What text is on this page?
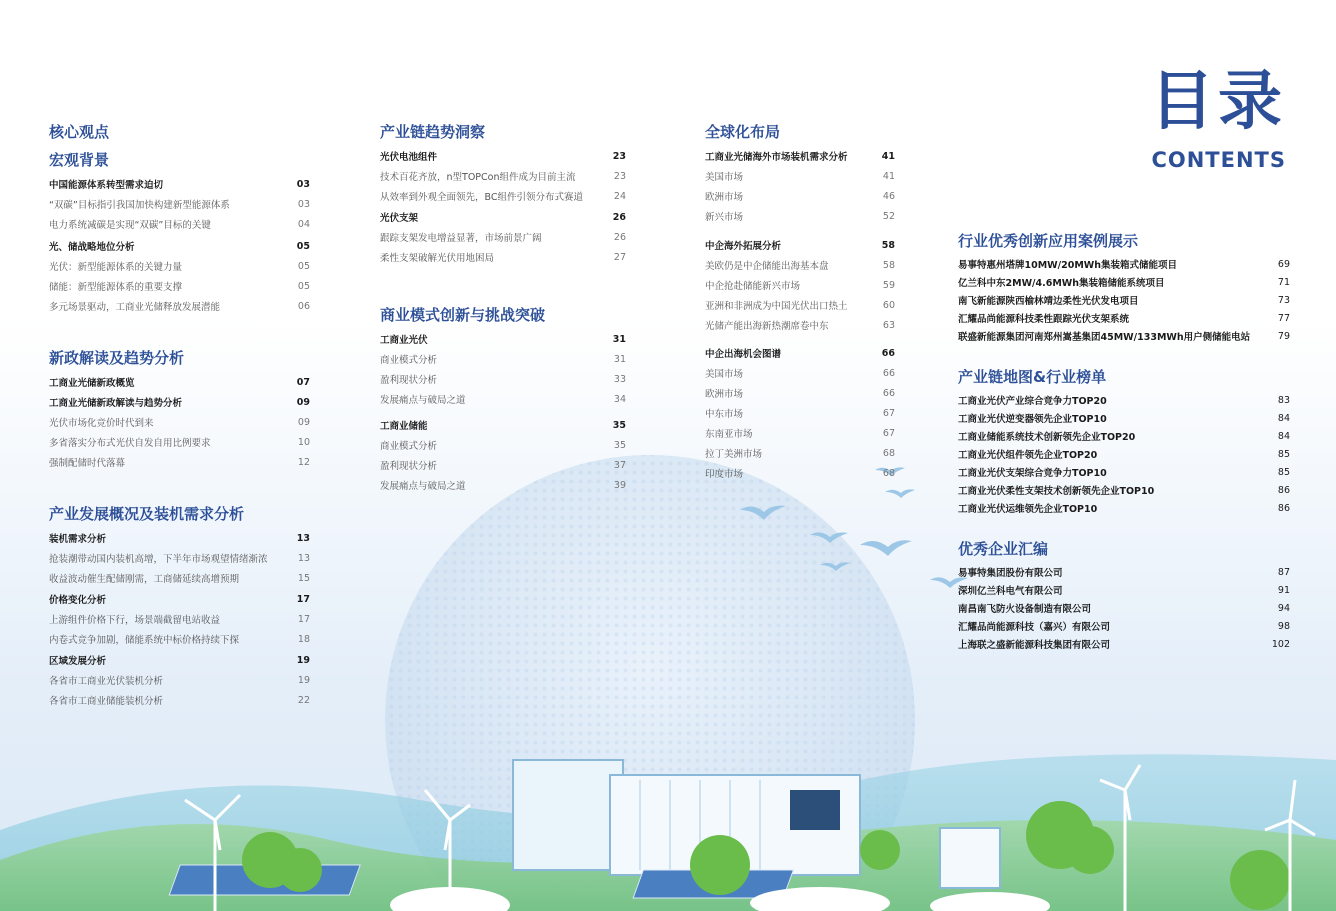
目录
CONTENTS
核心观点
宏观背景
中国能源体系转型需求迫切	03
“双碳”目标指引我国加快构建新型能源体系	03
电力系统减碳是实现“双碳”目标的关键	04
光、储战略地位分析	05
光伏：新型能源体系的关键力量	05
储能：新型能源体系的重要支撑	05
多元场景驱动，工商业光储释放发展潜能	06
新政解读及趋势分析
工商业光储新政概览	07
工商业光储新政解读与趋势分析	09
光伏市场化竞价时代到来	09
多省落实分布式光伏自发自用比例要求	10
强制配储时代落幕	12
产业发展概况及装机需求分析
装机需求分析	13
抢装潮带动国内装机高增，下半年市场观望情绪渐浓	13
收益波动催生配储刚需，工商储延续高增预期	15
价格变化分析	17
上游组件价格下行，场景端截留电站收益	17
内卷式竞争加剧，储能系统中标价格持续下探	18
区域发展分析	19
各省市工商业光伏装机分析	19
各省市工商业储能装机分析	22
产业链趋势洞察
光伏电池组件	23
技术百花齐放，n型TOPCon组件成为目前主流	23
从效率到外观全面领先，BC组件引领分布式赛道	24
光伏支架	26
跟踪支架发电增益显著，市场前景广阔	26
柔性支架破解光伏用地困局	27
商业模式创新与挑战突破
工商业光伏	31
商业模式分析	31
盈利现状分析	33
发展痛点与破局之道	34
工商业储能	35
商业模式分析	35
盈利现状分析	37
发展痛点与破局之道	39
全球化布局
工商业光储海外市场装机需求分析	41
美国市场	41
欧洲市场	46
新兴市场	52
中企海外拓展分析	58
美欧仍是中企储能出海基本盘	58
中企抢赴储能新兴市场	59
亚洲和非洲成为中国光伏出口热土	60
光储产能出海新热潮席卷中东	63
中企出海机会图谱	66
美国市场	66
欧洲市场	66
中东市场	67
东南亚市场	67
拉丁美洲市场	68
印度市场	68
行业优秀创新应用案例展示
易事特惠州塔牌10MW/20MWh集装箱式储能项目	69
亿兰科中东2MW/4.6MWh集装箱储能系统项目	71
南飞新能源陕西榆林靖边柔性光伏发电项目	73
汇耀品尚能源科技柔性跟踪光伏支架系统	77
联盛新能源集团河南郑州嵩基集团45MW/133MWh用户侧储能电站	79
产业链地图&行业榜单
工商业光伏产业综合竞争力TOP20	83
工商业光伏逆变器领先企业TOP10	84
工商业储能系统技术创新领先企业TOP20	84
工商业光伏组件领先企业TOP20	85
工商业光伏支架综合竞争力TOP10	85
工商业光伏柔性支架技术创新领先企业TOP10	86
工商业光伏运维领先企业TOP10	86
优秀企业汇编
易事特集团股份有限公司	87
深圳亿兰科电气有限公司	91
南昌南飞防火设备制造有限公司	94
汇耀品尚能源科技（嘉兴）有限公司	98
上海联之盛新能源科技集团有限公司	102
